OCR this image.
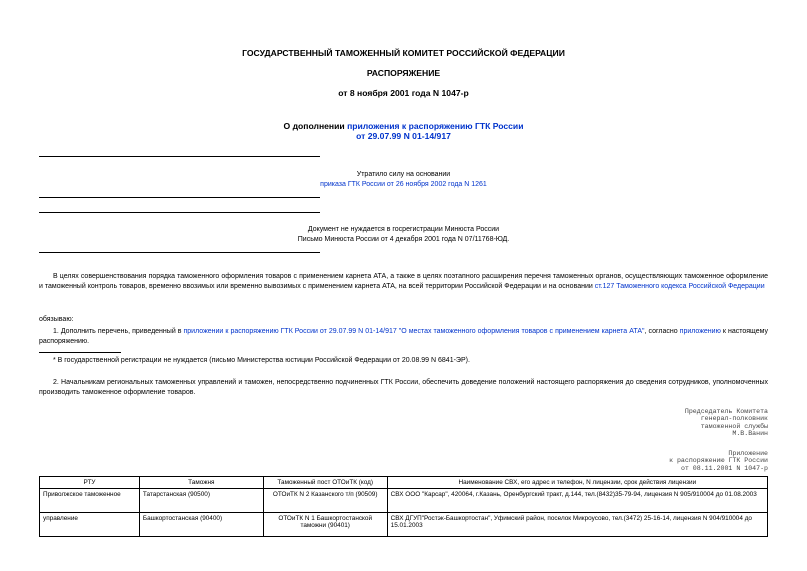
ГОСУДАРСТВЕННЫЙ ТАМОЖЕННЫЙ КОМИТЕТ РОССИЙСКОЙ ФЕДЕРАЦИИ
РАСПОРЯЖЕНИЕ
от 8 ноября 2001 года N 1047-р
О дополнении приложения к распоряжению ГТК России
от 29.07.99 N 01-14/917
Утратило силу на основании
приказа ГТК России от 26 ноября 2002 года N 1261
Документ не нуждается в госрегистрации Минюста России
Письмо Минюста России от 4 декабря 2001 года N 07/11768-ЮД.
В целях совершенствования порядка таможенного оформления товаров с применением карнета АТА, а также в целях поэтапного расширения перечня таможенных органов, осуществляющих таможенное оформление и таможенный контроль товаров, временно ввозимых или временно вывозимых с применением карнета АТА, на всей территории Российской Федерации и на основании ст.127 Таможенного кодекса Российской Федерации
обязываю:
1. Дополнить перечень, приведенный в приложении к распоряжению ГТК России от 29.07.99 N 01-14/917 "О местах таможенного оформления товаров с применением карнета АТА", согласно приложению к настоящему распоряжению.
* В государственной регистрации не нуждается (письмо Министерства юстиции Российской Федерации от 20.08.99 N 6841-ЭР).
2. Начальникам региональных таможенных управлений и таможен, непосредственно подчиненных ГТК России, обеспечить доведение положений настоящего распоряжения до сведения сотрудников, уполномоченных производить таможенное оформление товаров.
Председатель Комитета
генерал-полковник
таможенной службы
М.В.Ванин
Приложение
к распоряжению ГТК России
от 08.11.2001 N 1047-р
РТУ	Таможня	Таможенный пост ОТОиТК (код)	Наименование СВХ, его адрес и телефон, N лицензии, срок действия лицензии
Приволжское таможенное	Татарстанская (90500)	ОТОиТК N 2 Казанского т/п (90509)	СВХ ООО "Карсар", 420064, г.Казань, Оренбургский тракт, д.144, тел.(8432)35-79-94, лицензия N 905/910004 до 01.08.2003
управление	Башкортостанская (90400)	ОТОиТК N 1 Башкортостанской таможни (90401)	СВХ ДГУП"Ростэк-Башкортостан", Уфимский район, поселок Микроусово, тел.(3472) 25-16-14, лицензия N 904/910004 до 15.01.2003
